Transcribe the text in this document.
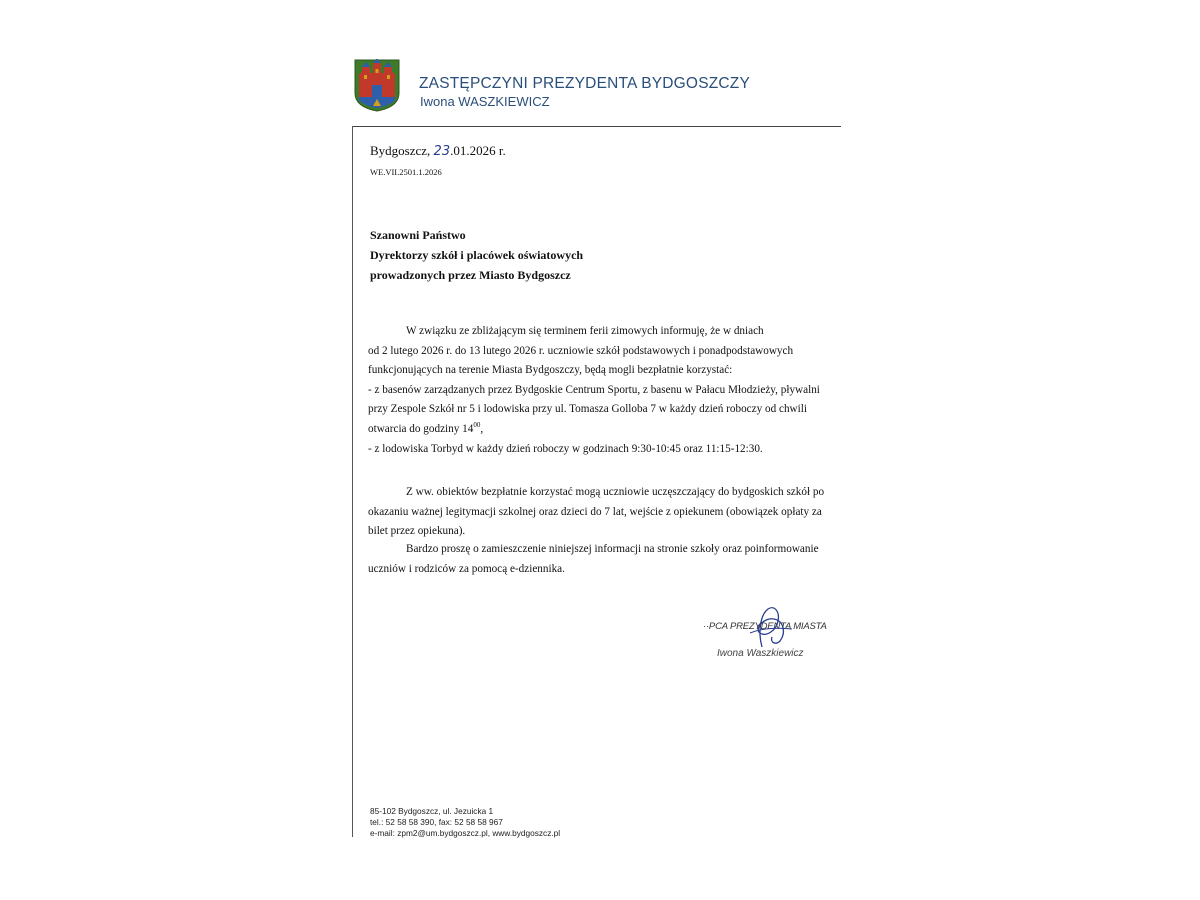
ZASTĘPCZYNI PREZYDENTA BYDGOSZCZY
Iwona WASZKIEWICZ
Bydgoszcz, 23.01.2026 r.
WE.VII.2501.1.2026
Szanowni Państwo
Dyrektorzy szkół i placówek oświatowych
prowadzonych przez Miasto Bydgoszcz
W związku ze zbliżającym się terminem ferii zimowych informuję, że w dniach
od 2 lutego 2026 r. do 13 lutego 2026 r. uczniowie szkół podstawowych i ponadpodstawowych
funkcjonujących na terenie Miasta Bydgoszczy, będą mogli bezpłatnie korzystać:
- z basenów zarządzanych przez Bydgoskie Centrum Sportu, z basenu w Pałacu Młodzieży, pływalni
przy Zespole Szkół nr 5 i lodowiska przy ul. Tomasza Golloba 7 w każdy dzień roboczy od chwili
otwarcia do godziny $14^{00}$,
- z lodowiska Torbyd w każdy dzień roboczy w godzinach 9:30-10:45 oraz 11:15-12:30.
Z ww. obiektów bezpłatnie korzystać mogą uczniowie uczęszczający do bydgoskich szkół po
okazaniu ważnej legitymacji szkolnej oraz dzieci do 7 lat, wejście z opiekunem (obowiązek opłaty za
bilet przez opiekuna).
Bardzo proszę o zamieszczenie niniejszej informacji na stronie szkoły oraz poinformowanie
uczniów i rodziców za pomocą e-dziennika.
··PCA PREZYDENTA MIASTA
Iwona Waszkiewicz
85-102 Bydgoszcz, ul. Jezuicka 1
tel.: 52 58 58 390, fax: 52 58 58 967
e-mail: zpm2@um.bydgoszcz.pl, www.bydgoszcz.pl
